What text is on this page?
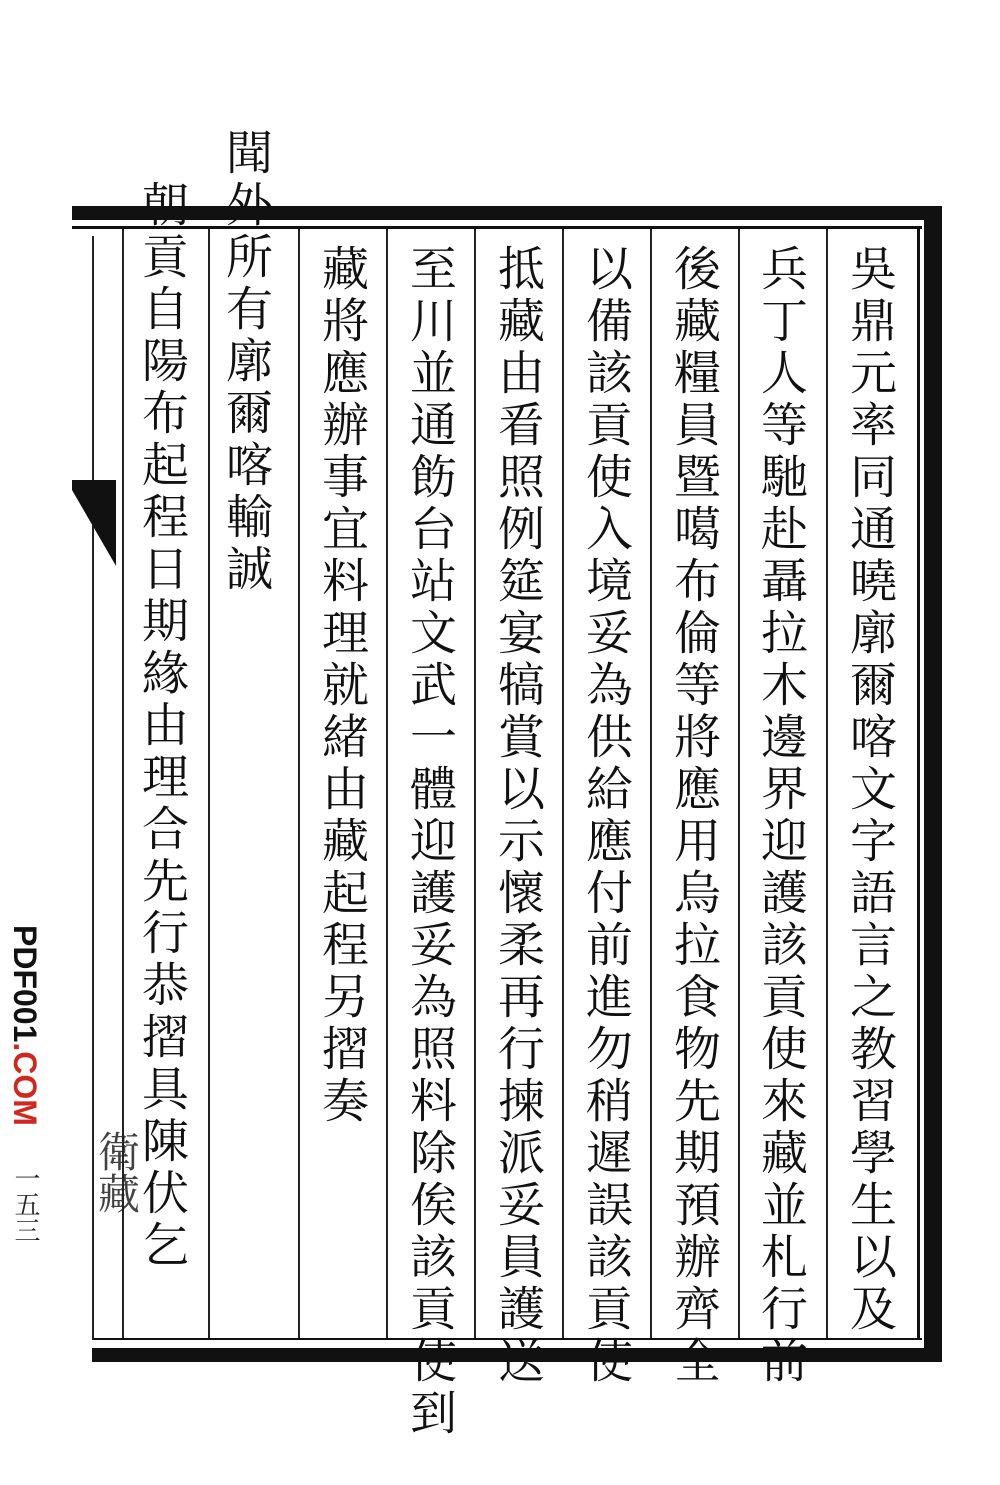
吳鼎元率同通曉廓爾喀文字語言之教習學生以及
兵丁人等馳赴聶拉木邊界迎護該貢使來藏並札行前
後藏糧員暨噶布倫等將應用烏拉食物先期預辦齊全
以備該貢使入境妥為供給應付前進勿稍遲誤該貢使
抵藏由㸔照例筵宴犒賞以示懷柔再行揀派妥員護送
至川並通飭台站文武一體迎護妥為照料除俟該貢使到
藏將應辦事宜料理就緒由藏起程另摺奏
聞外所有廓爾喀輸誠
朝貢自陽布起程日期緣由理合先行恭摺具陳伏乞
衛藏
一五三
PDF001.COM
